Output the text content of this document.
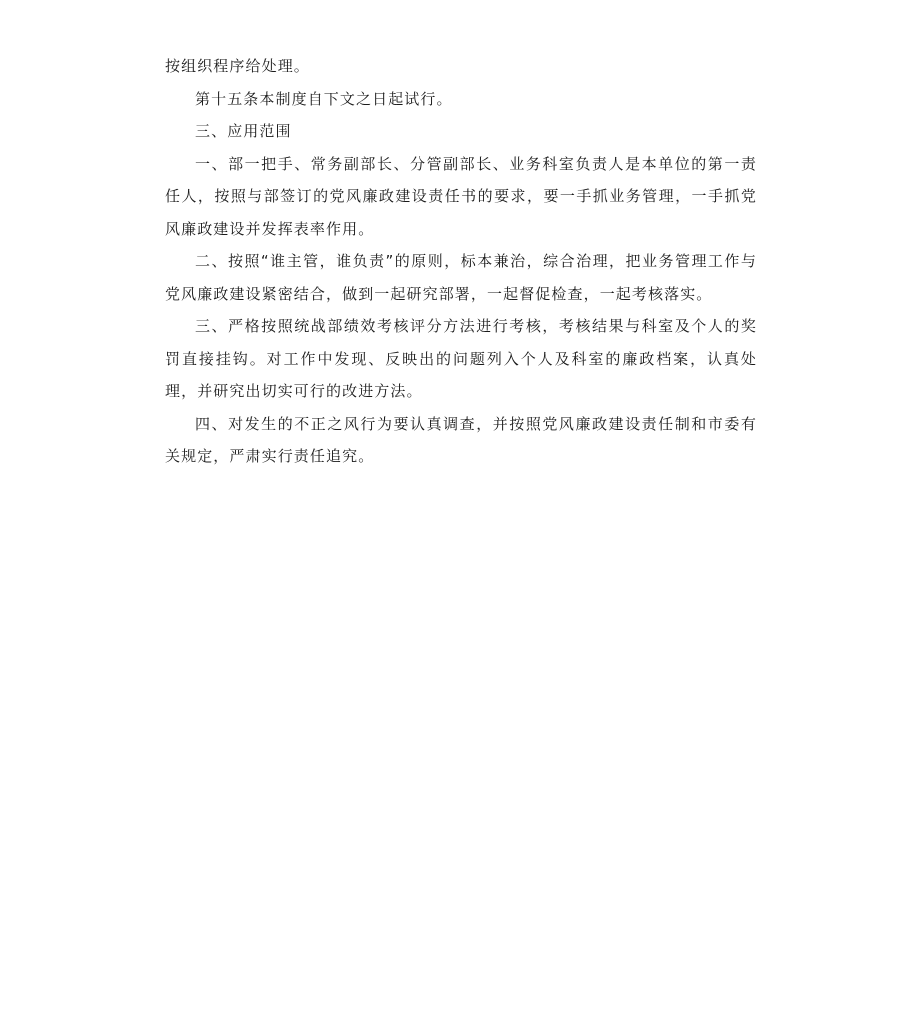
按组织程序给处理。

第十五条本制度自下文之日起试行。

三、应用范围

一、部一把手、常务副部长、分管副部长、业务科室负责人是本单位的第一责任人，按照与部签订的党风廉政建设责任书的要求，要一手抓业务管理，一手抓党风廉政建设并发挥表率作用。

二、按照“谁主管，谁负责”的原则，标本兼治，综合治理，把业务管理工作与党风廉政建设紧密结合，做到一起研究部署，一起督促检查，一起考核落实。

三、严格按照统战部绩效考核评分方法进行考核，考核结果与科室及个人的奖罚直接挂钩。对工作中发现、反映出的问题列入个人及科室的廉政档案，认真处理，并研究出切实可行的改进方法。

四、对发生的不正之风行为要认真调查，并按照党风廉政建设责任制和市委有关规定，严肃实行责任追究。
